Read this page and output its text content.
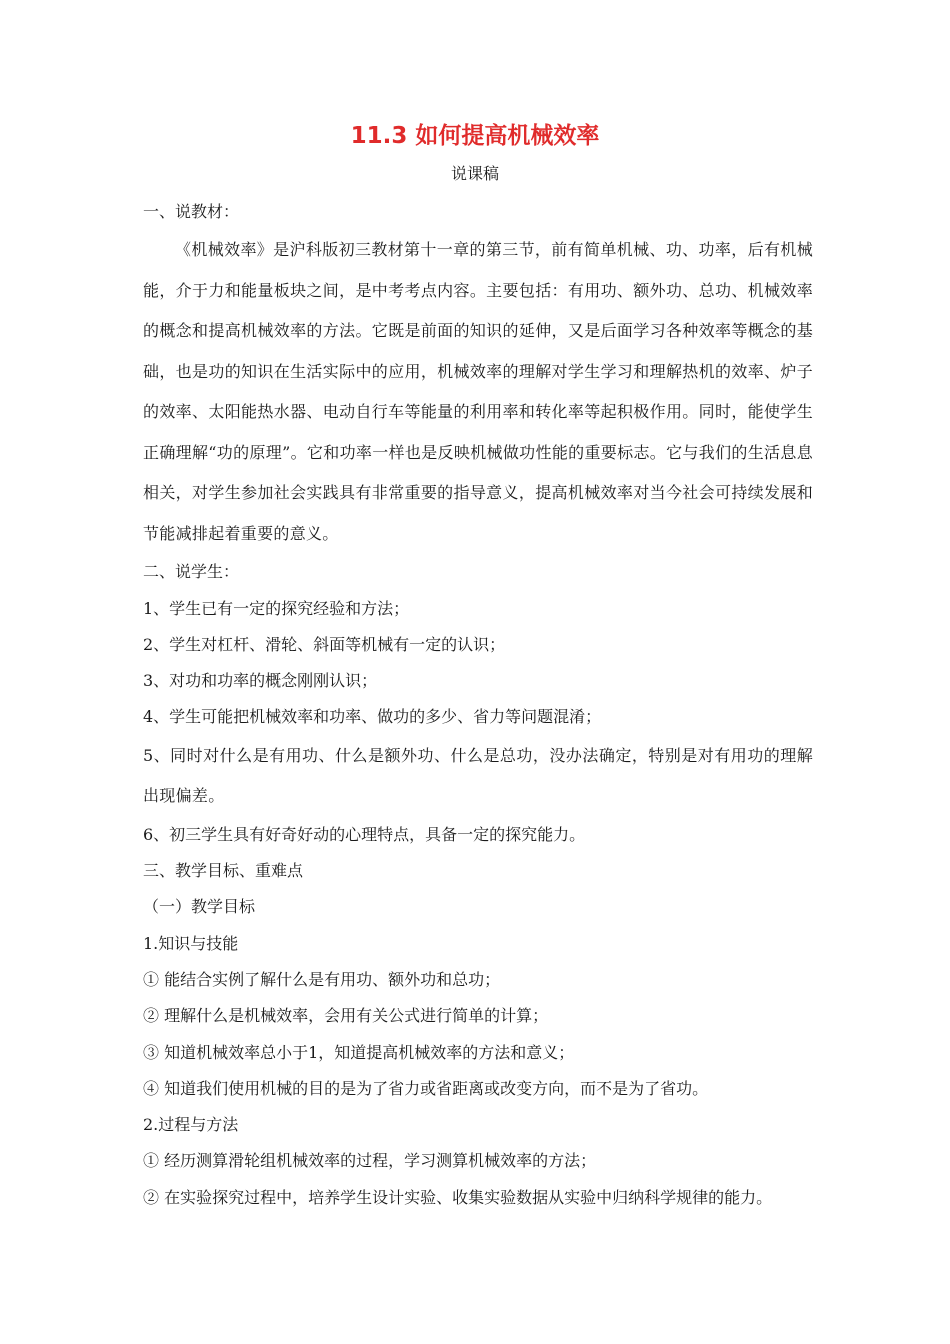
11.3 如何提高机械效率
说课稿

一、说教材：

《机械效率》是沪科版初三教材第十一章的第三节，前有简单机械、功、功率，后有机械能，介于力和能量板块之间，是中考考点内容。主要包括：有用功、额外功、总功、机械效率的概念和提高机械效率的方法。它既是前面的知识的延伸，又是后面学习各种效率等概念的基础，也是功的知识在生活实际中的应用，机械效率的理解对学生学习和理解热机的效率、炉子的效率、太阳能热水器、电动自行车等能量的利用率和转化率等起积极作用。同时，能使学生正确理解“功的原理”。它和功率一样也是反映机械做功性能的重要标志。它与我们的生活息息相关，对学生参加社会实践具有非常重要的指导意义，提高机械效率对当今社会可持续发展和节能减排起着重要的意义。

二、说学生：

1、学生已有一定的探究经验和方法；

2、学生对杠杆、滑轮、斜面等机械有一定的认识；

3、对功和功率的概念刚刚认识；

4、学生可能把机械效率和功率、做功的多少、省力等问题混淆；

5、同时对什么是有用功、什么是额外功、什么是总功，没办法确定，特别是对有用功的理解出现偏差。

6、初三学生具有好奇好动的心理特点，具备一定的探究能力。

三、教学目标、重难点

（一）教学目标

1.知识与技能

① 能结合实例了解什么是有用功、额外功和总功；

② 理解什么是机械效率，会用有关公式进行简单的计算；

③ 知道机械效率总小于1，知道提高机械效率的方法和意义；

④ 知道我们使用机械的目的是为了省力或省距离或改变方向，而不是为了省功。

2.过程与方法

① 经历测算滑轮组机械效率的过程，学习测算机械效率的方法；

② 在实验探究过程中，培养学生设计实验、收集实验数据从实验中归纳科学规律的能力。
